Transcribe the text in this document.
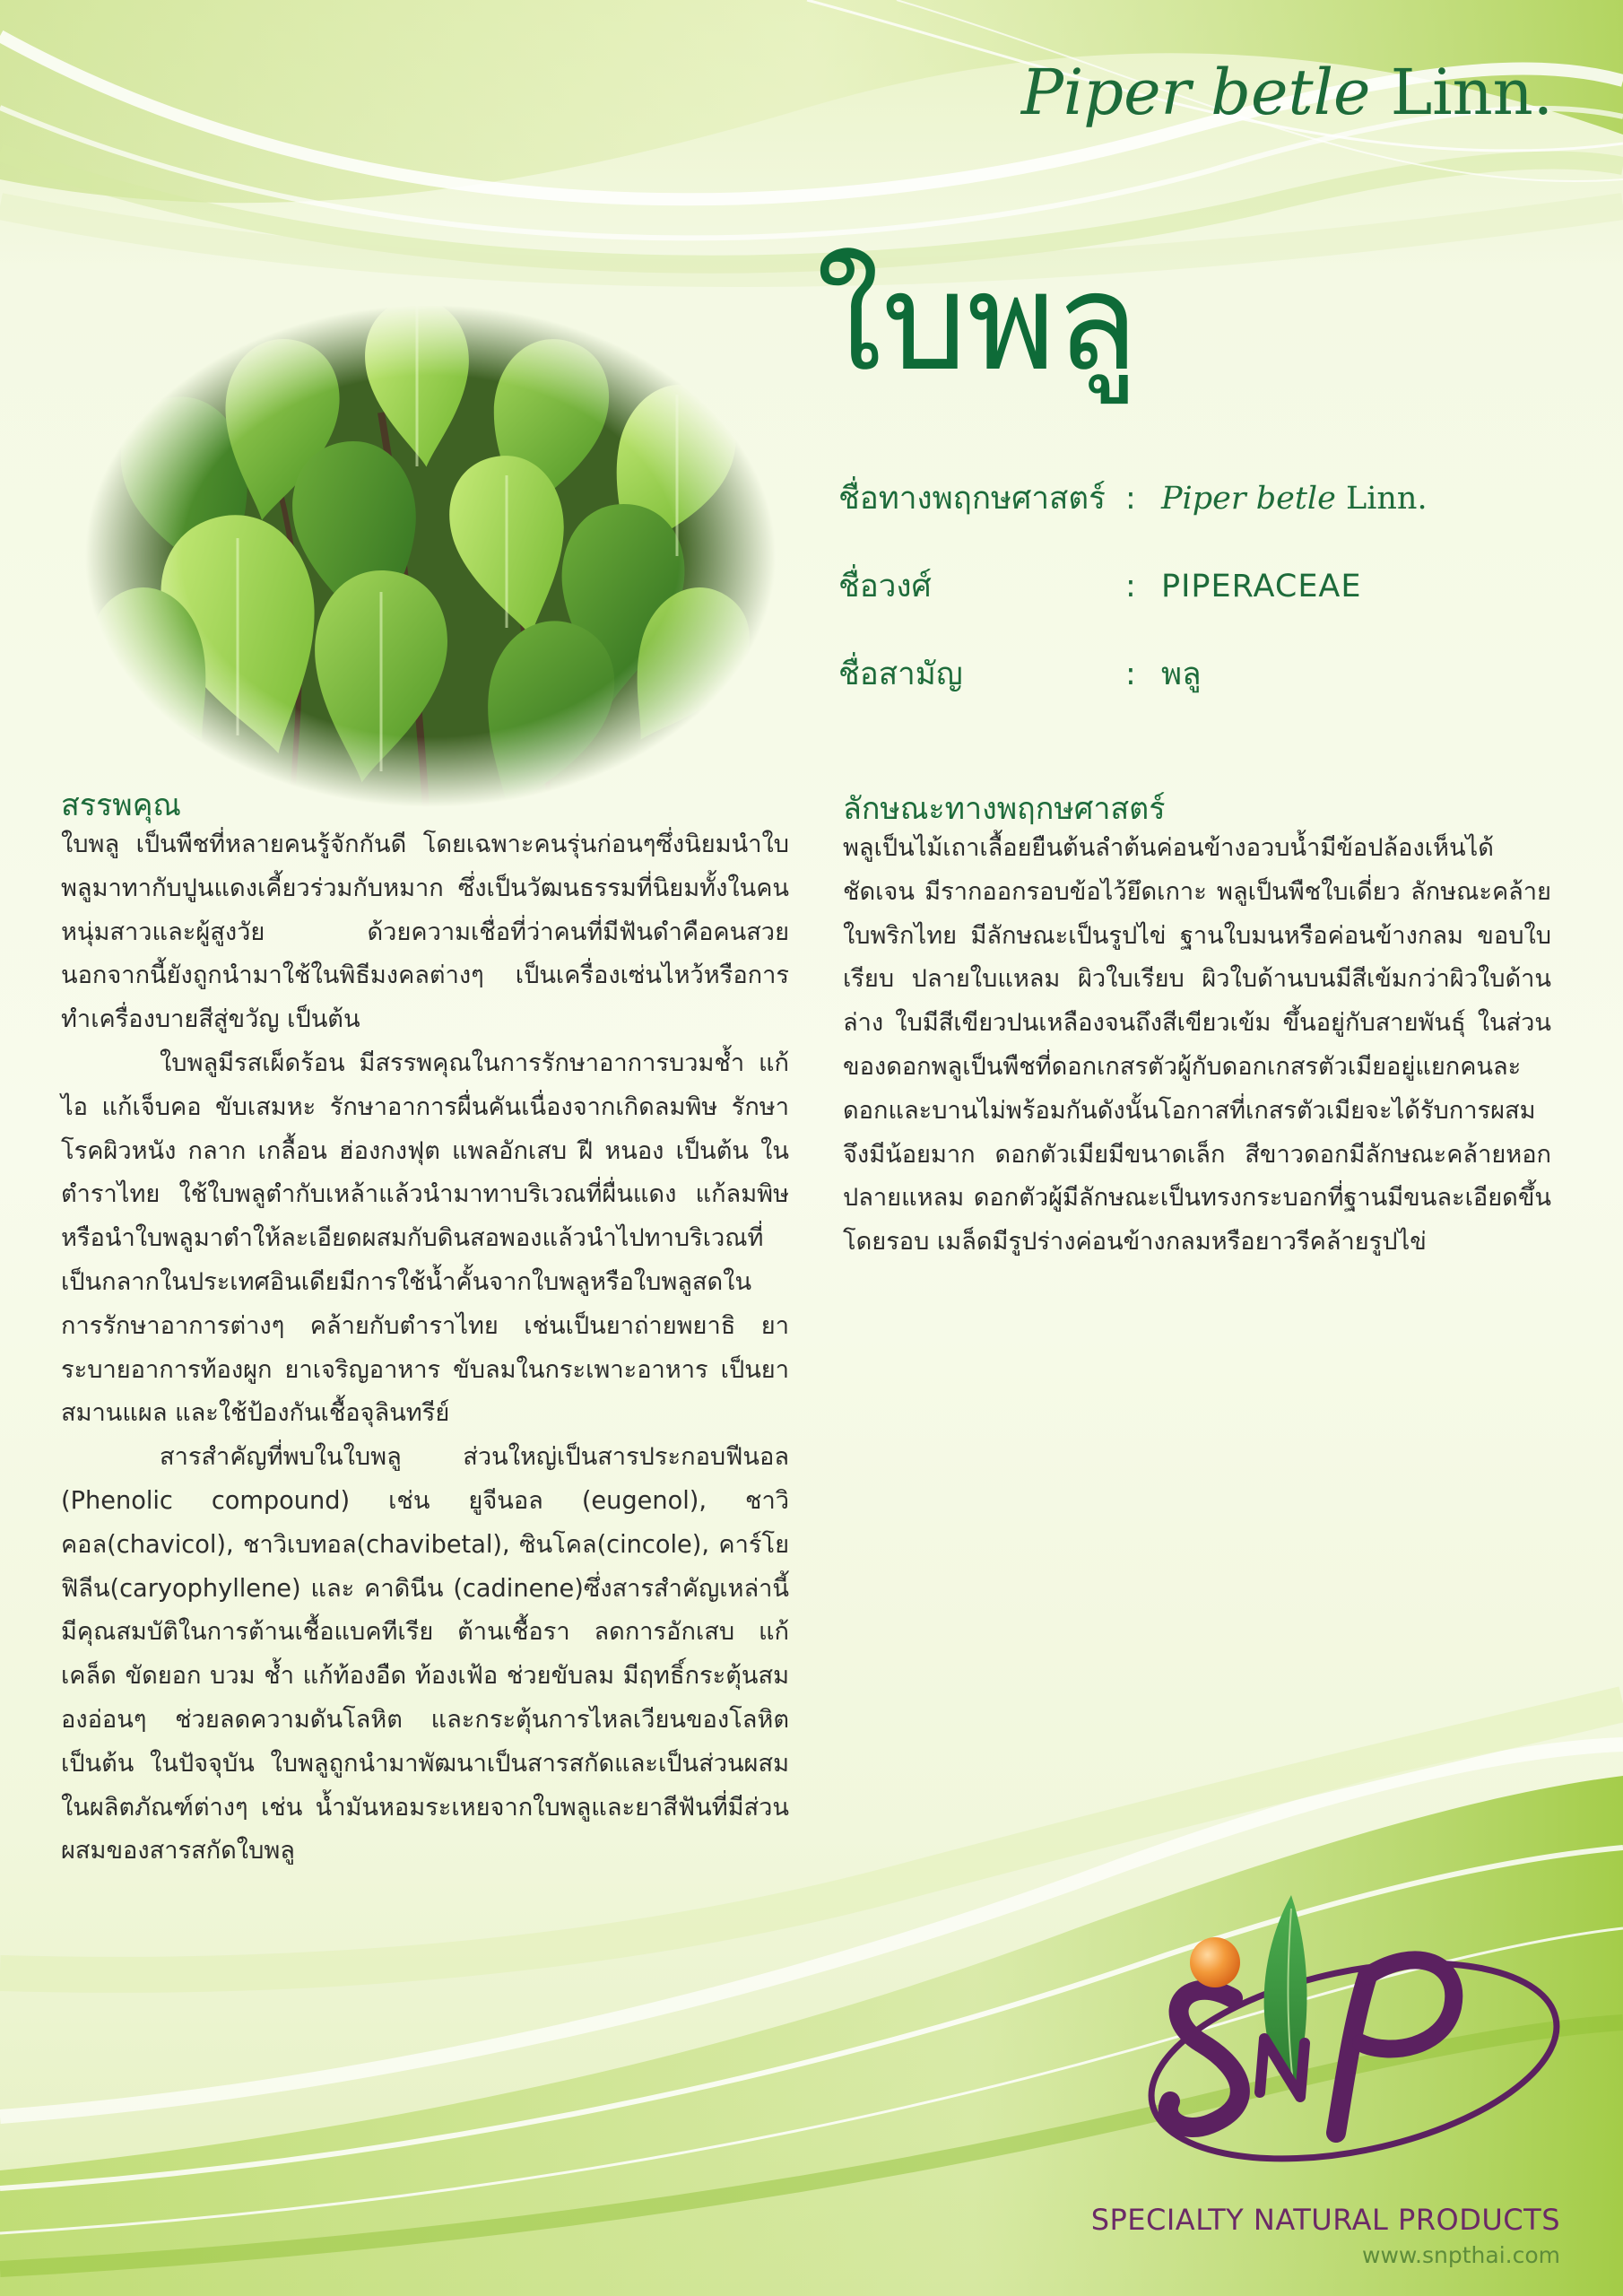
Piper betle Linn.
ใบพลู
ชื่อทางพฤกษศาสตร์ : Piper betle Linn.
ชื่อวงศ์	: PIPERACEAE
ชื่อสามัญ	: พลู
สรรพคุณ

ใบพลู เป็นพืชที่หลายคนรู้จักกันดี โดยเฉพาะคนรุ่นก่อนๆซึ่งนิยมนำใบพลูมาทากับปูนแดงเคี้ยวร่วมกับหมาก ซึ่งเป็นวัฒนธรรมที่นิยมทั้งในคนหนุ่มสาวและผู้สูงวัย ด้วยความเชื่อที่ว่าคนที่มีฟันดำคือคนสวย นอกจากนี้ยังถูกนำมาใช้ในพิธีมงคลต่างๆ เป็นเครื่องเซ่นไหว้หรือการทำเครื่องบายสีสู่ขวัญ เป็นต้น

ใบพลูมีรสเผ็ดร้อน มีสรรพคุณในการรักษาอาการบวมช้ำ แก้ไอ แก้เจ็บคอ ขับเสมหะ รักษาอาการผื่นคันเนื่องจากเกิดลมพิษ รักษาโรคผิวหนัง กลาก เกลื้อน ฮ่องกงฟุต แพลอักเสบ ฝี หนอง เป็นต้น ในตำราไทย ใช้ใบพลูตำกับเหล้าแล้วนำมาทาบริเวณที่ผื่นแดง แก้ลมพิษหรือนำใบพลูมาตำให้ละเอียดผสมกับดินสอพองแล้วนำไปทาบริเวณที่เป็นกลากในประเทศอินเดียมีการใช้น้ำคั้นจากใบพลูหรือใบพลูสดในการรักษาอาการต่างๆ คล้ายกับตำราไทย เช่นเป็นยาถ่ายพยาธิ ยาระบายอาการท้องผูก ยาเจริญอาหาร ขับลมในกระเพาะอาหาร เป็นยาสมานแผล และใช้ป้องกันเชื้อจุลินทรีย์

สารสำคัญที่พบในใบพลู ส่วนใหญ่เป็นสารประกอบฟีนอล (Phenolic compound) เช่น ยูจีนอล (eugenol), ชาวิคอล(chavicol), ชาวิเบทอล(chavibetal), ซินโคล(cincole), คาร์โยฟิลีน(caryophyllene) และ คาดินีน (cadinene)ซึ่งสารสำคัญเหล่านี้มีคุณสมบัติในการต้านเชื้อแบคทีเรีย ต้านเชื้อรา ลดการอักเสบ แก้เคล็ด ขัดยอก บวม ช้ำ แก้ท้องอืด ท้องเฟ้อ ช่วยขับลม มีฤทธิ์กระตุ้นสมองอ่อนๆ ช่วยลดความดันโลหิต และกระตุ้นการไหลเวียนของโลหิต เป็นต้น ในปัจจุบัน ใบพลูถูกนำมาพัฒนาเป็นสารสกัดและเป็นส่วนผสมในผลิตภัณฑ์ต่างๆ เช่น น้ำมันหอมระเหยจากใบพลูและยาสีฟันที่มีส่วนผสมของสารสกัดใบพลู

ลักษณะทางพฤกษศาสตร์

พลูเป็นไม้เถาเลื้อยยืนต้นลำต้นค่อนข้างอวบน้ำมีข้อปล้องเห็นได้ชัดเจน มีรากออกรอบข้อไว้ยึดเกาะ พลูเป็นพืชใบเดี่ยว ลักษณะคล้ายใบพริกไทย มีลักษณะเป็นรูปไข่ ฐานใบมนหรือค่อนข้างกลม ขอบใบเรียบ ปลายใบแหลม ผิวใบเรียบ ผิวใบด้านบนมีสีเข้มกว่าผิวใบด้านล่าง ใบมีสีเขียวปนเหลืองจนถึงสีเขียวเข้ม ขึ้นอยู่กับสายพันธุ์ ในส่วนของดอกพลูเป็นพืชที่ดอกเกสรตัวผู้กับดอกเกสรตัวเมียอยู่แยกคนละดอกและบานไม่พร้อมกันดังนั้นโอกาสที่เกสรตัวเมียจะได้รับการผสมจึงมีน้อยมาก ดอกตัวเมียมีขนาดเล็ก สีขาวดอกมีลักษณะคล้ายหอกปลายแหลม ดอกตัวผู้มีลักษณะเป็นทรงกระบอกที่ฐานมีขนละเอียดขึ้นโดยรอบ เมล็ดมีรูปร่างค่อนข้างกลมหรือยาวรีคล้ายรูปไข่

SPECIALTY NATURAL PRODUCTS
www.snpthai.com
